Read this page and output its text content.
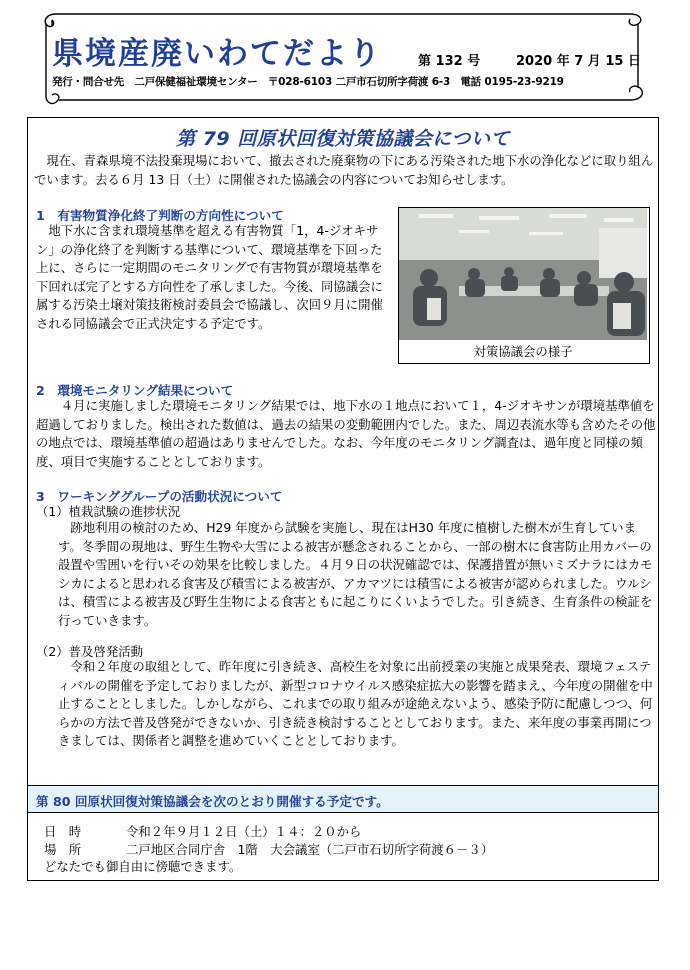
県境産廃いわてだより	第 132 号	2020 年 7 月 15 日
発行・問合せ先　二戸保健福祉環境センター　〒028-6103 二戸市石切所字荷渡 6-3　電話 0195-23-9219
第 79 回原状回復対策協議会について
現在、青森県境不法投棄現場において、撤去された廃棄物の下にある汚染された地下水の浄化などに取り組んでいます。去る６月 13 日（土）に開催された協議会の内容についてお知らせします。
1　有害物質浄化終了判断の方向性について
地下水に含まれ環境基準を超える有害物質「1，4-ジオキサン」の浄化終了を判断する基準について、環境基準を下回った上に、さらに一定期間のモニタリングで有害物質が環境基準を下回れば完了とする方向性を了承しました。今後、同協議会に属する汚染土壌対策技術検討委員会で協議し、次回９月に開催される同協議会で正式決定する予定です。
対策協議会の様子
2　環境モニタリング結果について
４月に実施しました環境モニタリング結果では、地下水の１地点において１，4-ジオキサンが環境基準値を超過しておりました。検出された数値は、過去の結果の変動範囲内でした。また、周辺表流水等も含めたその他の地点では、環境基準値の超過はありませんでした。なお、今年度のモニタリング調査は、過年度と同様の頻度、項目で実施することとしております。
3　ワーキンググループの活動状況について
（1）植栽試験の進捗状況
跡地利用の検討のため、H29 年度から試験を実施し、現在はH30 年度に植樹した樹木が生育しています。冬季間の現地は、野生生物や大雪による被害が懸念されることから、一部の樹木に食害防止用カバーの設置や雪囲いを行いその効果を比較しました。４月９日の状況確認では、保護措置が無いミズナラにはカモシカによると思われる食害及び積雪による被害が、アカマツには積雪による被害が認められました。ウルシは、積雪による被害及び野生生物による食害ともに起こりにくいようでした。引き続き、生育条件の検証を行っていきます。
（2）普及啓発活動
令和２年度の取組として、昨年度に引き続き、高校生を対象に出前授業の実施と成果発表、環境フェスティバルの開催を予定しておりましたが、新型コロナウイルス感染症拡大の影響を踏まえ、今年度の開催を中止することとしました。しかしながら、これまでの取り組みが途絶えないよう、感染予防に配慮しつつ、何らかの方法で普及啓発ができないか、引き続き検討することとしております。また、来年度の事業再開につきましては、関係者と調整を進めていくこととしております。
第 80 回原状回復対策協議会を次のとおり開催する予定です。
日　時	令和２年９月１２日（土）１４：２０から
場　所	二戸地区合同庁舎　1階　大会議室（二戸市石切所字荷渡６－３）
どなたでも御自由に傍聴できます。
